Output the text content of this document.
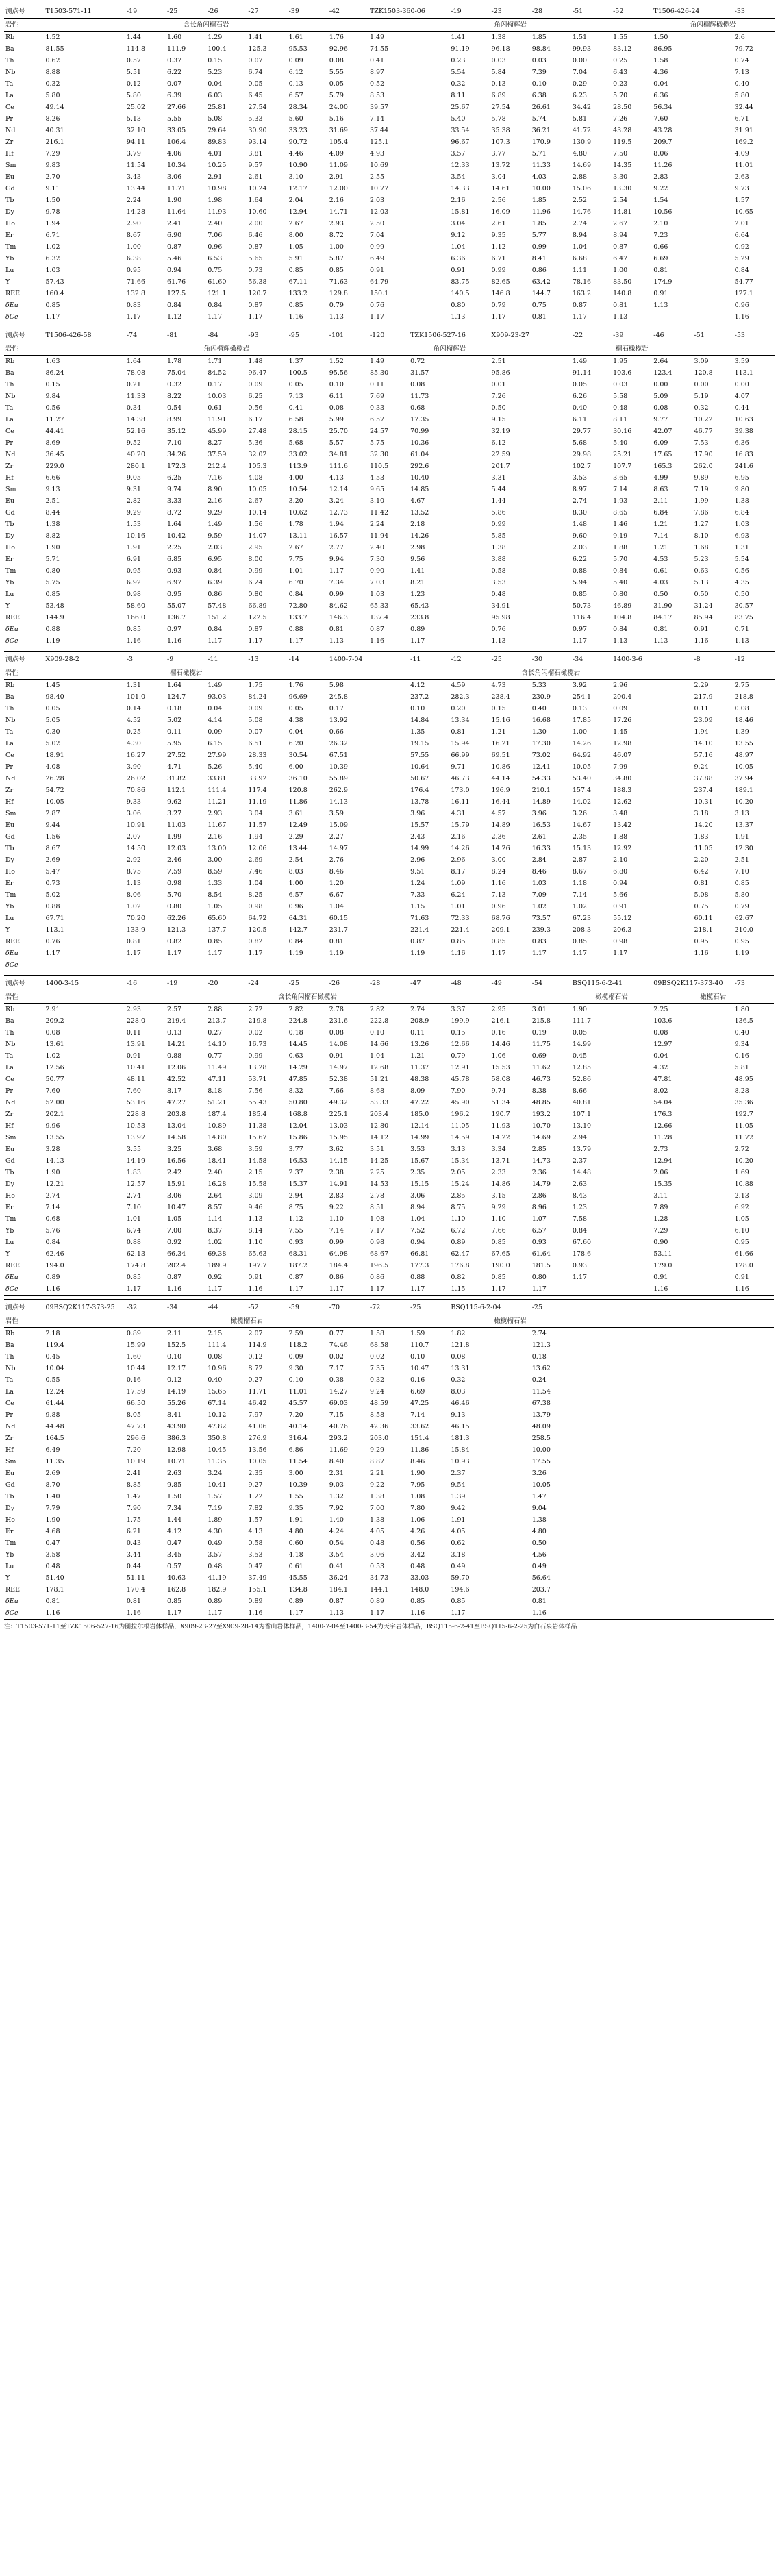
测点号	T1503-571-11	-19	-25	-26	-27	-39	-42	TZK1503-360-06	-19	-23	-28	-51	-52	T1506-426-24	-33	
岩性	含长角闪榴石岩							角闪榴辉岩						角闪榴辉橄榄岩		
Rb	1.52	1.44	1.60	1.29	1.41	1.61	1.76	1.49	1.41	1.38	1.85	1.51	1.55	1.50	2.6	
Ba	81.55	114.8	111.9	100.4	125.3	95.53	92.96	74.55	91.19	96.18	98.84	99.93	83.12	86.95	79.72	
Th	0.62	0.57	0.37	0.15	0.07	0.09	0.08	0.41	0.23	0.03	0.03	0.00	0.25	1.58	0.74	
Nb	8.88	5.51	6.22	5.23	6.74	6.12	5.55	8.97	5.54	5.84	7.39	7.04	6.43	4.36	7.13	
Ta	0.32	0.12	0.07	0.04	0.05	0.13	0.05	0.52	0.32	0.13	0.10	0.29	0.23	0.04	0.40	
La	5.80	5.80	6.39	6.03	6.45	6.57	5.79	8.53	8.11	6.89	6.38	6.23	5.70	6.36	5.80	
Ce	49.14	25.02	27.66	25.81	27.54	28.34	24.00	39.57	25.67	27.54	26.61	34.42	28.50	56.34	32.44	
Pr	8.26	5.13	5.55	5.08	5.33	5.60	5.16	7.14	5.40	5.78	5.74	5.81	7.26	7.60	6.71	
Nd	40.31	32.10	33.05	29.64	30.90	33.23	31.69	37.44	33.54	35.38	36.21	41.72	43.28	43.28	31.91	
Zr	216.1	94.11	106.4	89.83	93.14	90.72	105.4	125.1	96.67	107.3	170.9	130.9	119.5	209.7	169.2	
Hf	7.29	3.79	4.06	4.01	3.81	4.46	4.09	4.93	3.57	3.77	5.71	4.80	7.50	8.06	4.09	
Sm	9.83	11.54	10.34	10.25	9.57	10.90	11.09	10.69	12.33	13.72	11.33	14.69	14.35	11.26	11.01	
Eu	2.70	3.43	3.06	2.91	2.61	3.10	2.91	2.55	3.54	3.04	4.03	2.88	3.30	2.83	2.63	
Gd	9.11	13.44	11.71	10.98	10.24	12.17	12.00	10.77	14.33	14.61	10.00	15.06	13.30	9.22	9.73	
Tb	1.50	2.24	1.90	1.98	1.64	2.04	2.16	2.03	2.16	2.56	1.85	2.52	2.54	1.54	1.57	
Dy	9.78	14.28	11.64	11.93	10.60	12.94	14.71	12.03	15.81	16.09	11.96	14.76	14.81	10.56	10.65	
Ho	1.94	2.90	2.41	2.40	2.00	2.67	2.93	2.50	3.04	2.61	1.85	2.74	2.67	2.10	2.01	
Er	6.71	8.67	6.90	7.06	6.46	8.00	8.72	7.04	9.12	9.35	5.77	8.94	8.94	7.23	6.64	
Tm	1.02	1.00	0.87	0.96	0.87	1.05	1.00	0.99	1.04	1.12	0.99	1.04	0.87	0.66	0.92	
Yb	6.32	6.38	5.46	6.53	5.65	5.91	5.87	6.49	6.36	6.71	8.41	6.68	6.47	6.69	5.29	
Lu	1.03	0.95	0.94	0.75	0.73	0.85	0.85	0.91	0.91	0.99	0.86	1.11	1.00	0.81	0.84	
Y	57.43	71.66	61.76	61.60	56.38	67.11	71.63	64.79	83.75	82.65	63.42	78.16	83.50	174.9	54.77	
REE	160.4	132.8	127.5	121.1	120.7	133.2	129.8	150.1	140.5	146.8	144.7	163.2	140.8	0.91	127.1	
δEu	0.85	0.83	0.84	0.84	0.87	0.85	0.79	0.76	0.80	0.79	0.75	0.87	0.81	1.13	0.96	
δCe	1.17	1.17	1.12	1.17	1.17	1.16	1.13	1.17	1.13	1.17	0.81	1.17	1.13		1.16	
测点号	T1506-426-58	-74	-81	-84	-93	-95	-101	-120	TZK1506-527-16	X909-23-27	-22	-39	-46	-51	-53	
岩性	角闪榴辉橄榄岩								角闪榴辉岩	榴石橄榄岩						
Rb	1.63	1.64	1.78	1.71	1.48	1.37	1.52	1.49	0.72	2.51	1.49	1.95	2.64	3.09	3.59	
Ba	86.24	78.08	75.04	84.52	96.47	100.5	95.56	85.30	31.57	95.86	91.14	103.6	123.4	120.8	113.1	
Th	0.15	0.21	0.32	0.17	0.09	0.05	0.10	0.11	0.08	0.01	0.05	0.03	0.00	0.00	0.00	
Nb	9.84	11.33	8.22	10.03	6.25	7.13	6.11	7.69	11.73	7.26	6.26	5.58	5.09	5.19	4.07	
Ta	0.56	0.34	0.54	0.61	0.56	0.41	0.08	0.33	0.68	0.50	0.40	0.48	0.08	0.32	0.44	
La	11.27	14.38	8.99	11.91	6.17	6.58	5.99	6.57	17.35	9.15	6.11	8.11	9.77	10.22	10.63	
Ce	44.41	52.16	35.12	45.99	27.48	28.15	25.70	24.57	70.99	32.19	29.77	30.16	42.07	46.77	39.38	
Pr	8.69	9.52	7.10	8.27	5.36	5.68	5.57	5.75	10.36	6.12	5.68	5.40	6.09	7.53	6.36	
Nd	36.45	40.20	34.26	37.59	32.02	33.02	34.81	32.30	61.04	22.59	29.98	25.21	17.65	17.90	16.83	
Zr	229.0	280.1	172.3	212.4	105.3	113.9	111.6	110.5	292.6	201.7	102.7	107.7	165.3	262.0	241.6	
Hf	6.66	9.05	6.25	7.16	4.08	4.00	4.13	4.53	10.40	3.31	3.53	3.65	4.99	9.89	6.95	
Sm	9.13	9.31	9.74	8.90	10.05	10.54	12.14	9.65	14.85	5.44	8.97	7.14	8.63	7.19	9.80	
Eu	2.51	2.82	3.33	2.16	2.67	3.20	3.24	3.10	4.67	1.44	2.74	1.93	2.11	1.99	1.38	
Gd	8.44	9.29	8.72	9.29	10.14	10.62	12.73	11.42	13.52	5.86	8.30	8.65	6.84	7.86	6.84	
Tb	1.38	1.53	1.64	1.49	1.56	1.78	1.94	2.24	2.18	0.99	1.48	1.46	1.21	1.27	1.03	
Dy	8.82	10.16	10.42	9.59	14.07	13.11	16.57	11.94	14.26	5.85	9.60	9.19	7.14	8.10	6.93	
Ho	1.90	1.91	2.25	2.03	2.95	2.67	2.77	2.40	2.98	1.38	2.03	1.88	1.21	1.68	1.31	
Er	5.71	6.91	6.85	6.95	8.00	7.75	9.94	7.30	9.56	3.88	6.22	5.70	4.53	5.23	5.54	
Tm	0.80	0.95	0.93	0.84	0.99	1.01	1.17	0.90	1.41	0.58	0.88	0.84	0.61	0.63	0.56	
Yb	5.75	6.92	6.97	6.39	6.24	6.70	7.34	7.03	8.21	3.53	5.94	5.40	4.03	5.13	4.35	
Lu	0.85	0.98	0.95	0.86	0.80	0.84	0.99	1.03	1.23	0.48	0.85	0.80	0.50	0.50	0.50	
Y	53.48	58.60	55.07	57.48	66.89	72.80	84.62	65.33	65.43	34.91	50.73	46.89	31.90	31.24	30.57	
REE	144.9	166.0	136.7	151.2	122.5	133.7	146.3	137.4	233.8	95.98	116.4	104.8	84.17	85.94	83.75	
δEu	0.88	0.85	0.97	0.84	0.87	0.88	0.81	0.87	0.89	0.76	0.97	0.84	0.81	0.91	0.71	
δCe	1.19	1.16	1.16	1.17	1.17	1.17	1.13	1.16	1.17	1.13	1.17	1.13	1.13	1.16	1.13	
测点号	X909-28-2	-3	-9	-11	-13	-14	1400-7-04	-11	-12	-25	-30	-34	1400-3-6	-8	-12	
岩性	榴石橄榄岩						含长角闪榴石橄榄岩									
Rb	1.45	1.31	1.64	1.49	1.75	1.76	5.98	4.12	4.59	4.73	5.33	3.92	2.96	2.29	2.75	
Ba	98.40	101.0	124.7	93.03	84.24	96.69	245.8	237.2	282.3	238.4	230.9	254.1	200.4	217.9	218.8	
Th	0.05	0.14	0.18	0.04	0.09	0.05	0.17	0.10	0.20	0.15	0.40	0.13	0.09	0.11	0.08	
Nb	5.05	4.52	5.02	4.14	5.08	4.38	13.92	14.84	13.34	15.16	16.68	17.85	17.26	23.09	18.46	
Ta	0.30	0.25	0.11	0.09	0.07	0.04	0.66	1.35	0.81	1.21	1.30	1.00	1.45	1.94	1.39	
La	5.02	4.30	5.95	6.15	6.51	6.20	26.32	19.15	15.94	16.21	17.30	14.26	12.98	14.10	13.55	
Ce	18.91	16.27	27.52	27.99	28.33	30.54	67.51	57.55	66.99	69.51	73.02	64.92	46.07	57.16	48.97	
Pr	4.08	3.90	4.71	5.26	5.40	6.00	10.39	10.64	9.71	10.86	12.41	10.05	7.99	9.24	10.05	
Nd	26.28	26.02	31.82	33.81	33.92	36.10	55.89	50.67	46.73	44.14	54.33	53.40	34.80	37.88	37.94	
Zr	54.72	70.86	112.1	111.4	117.4	120.8	262.9	176.4	173.0	196.9	210.1	157.4	188.3	237.4	189.1	
Hf	10.05	9.33	9.62	11.21	11.19	11.86	14.13	13.78	16.11	16.44	14.89	14.02	12.62	10.31	10.20	
Sm	2.87	3.06	3.27	2.93	3.04	3.61	3.59	3.96	4.31	4.57	3.96	3.26	3.48	3.18	3.13	
Eu	9.44	10.91	11.03	11.67	11.57	12.49	15.09	15.57	15.79	14.89	16.53	14.67	13.42	14.20	13.37	
Gd	1.56	2.07	1.99	2.16	1.94	2.29	2.27	2.43	2.16	2.36	2.61	2.35	1.88	1.83	1.91	
Tb	8.67	14.50	12.03	13.00	12.06	13.44	14.97	14.99	14.26	14.26	16.33	15.13	12.92	11.05	12.30	
Dy	2.69	2.92	2.46	3.00	2.69	2.54	2.76	2.96	2.96	3.00	2.84	2.87	2.10	2.20	2.51	
Ho	5.47	8.75	7.59	8.59	7.46	8.03	8.46	9.51	8.17	8.24	8.46	8.67	6.80	6.42	7.10	
Er	0.73	1.13	0.98	1.33	1.04	1.00	1.20	1.24	1.09	1.16	1.03	1.18	0.94	0.81	0.85	
Tm	5.02	8.06	5.70	8.54	8.25	6.57	6.67	7.33	6.24	7.13	7.09	7.14	5.66	5.08	5.80	
Yb	0.88	1.02	0.80	1.05	0.98	0.96	1.04	1.15	1.01	0.96	1.02	1.02	0.91	0.75	0.79	
Lu	67.71	70.20	62.26	65.60	64.72	64.31	60.15	71.63	72.33	68.76	73.57	67.23	55.12	60.11	62.67	
Y	113.1	133.9	121.3	137.7	120.5	142.7	231.7	221.4	221.4	209.1	239.3	208.3	206.3	218.1	210.0	
REE	0.76	0.81	0.82	0.85	0.82	0.84	0.81	0.87	0.85	0.85	0.83	0.85	0.98	0.95	0.95	
δEu	1.17	1.17	1.17	1.17	1.17	1.19	1.19	1.19	1.16	1.17	1.17	1.17	1.17	1.16	1.19	
δCe																
测点号	1400-3-15	-16	-19	-20	-24	-25	-26	-28	-47	-48	-49	-54	BSQ115-6-2-41	09BSQ2K117-373-40	-73
岩性	含长角闪榴石橄榄岩												橄榄榴石岩	橄榄石岩	
Rb	2.91	2.93	2.57	2.88	2.72	2.82	2.78	2.82	2.74	3.37	2.95	3.01	1.90	2.25	1.80
Ba	209.2	228.0	219.4	213.7	219.8	224.8	231.6	222.8	208.9	199.9	216.1	215.8	111.7	103.6	136.5
Th	0.08	0.11	0.13	0.27	0.02	0.18	0.08	0.10	0.11	0.15	0.16	0.19	0.05	0.08	0.40
Nb	13.61	13.91	14.21	14.10	16.73	14.45	14.08	14.66	13.26	12.66	14.46	11.75	14.99	12.97	9.34
Ta	1.02	0.91	0.88	0.77	0.99	0.63	0.91	1.04	1.21	0.79	1.06	0.69	0.45	0.04	0.16
La	12.56	10.41	12.06	11.49	13.28	14.29	14.97	12.68	11.37	12.91	15.53	11.62	12.85	4.32	5.81
Ce	50.77	48.11	42.52	47.11	53.71	47.85	52.38	51.21	48.38	45.78	58.08	46.73	52.86	47.81	48.95
Pr	7.60	7.60	8.17	8.18	7.56	8.32	7.66	8.68	8.09	7.90	9.74	8.38	8.66	8.02	8.28
Nd	52.00	53.16	47.27	51.21	55.43	50.80	49.32	53.33	47.22	45.90	51.34	48.85	40.81	54.04	35.36
Zr	202.1	228.8	203.8	187.4	185.4	168.8	225.1	203.4	185.0	196.2	190.7	193.2	107.1	176.3	192.7
Hf	9.96	10.53	13.04	10.89	11.38	12.04	13.03	12.80	12.14	11.05	11.93	10.70	13.10	12.66	11.05
Sm	13.55	13.97	14.58	14.80	15.67	15.86	15.95	14.12	14.99	14.59	14.22	14.69	2.94	11.28	11.72
Eu	3.28	3.55	3.25	3.68	3.59	3.77	3.62	3.51	3.53	3.13	3.34	2.85	13.79	2.73	2.72
Gd	14.13	14.19	16.56	18.41	14.58	16.53	14.15	14.25	15.67	15.34	13.71	14.73	2.37	12.94	10.20
Tb	1.90	1.83	2.42	2.40	2.15	2.37	2.38	2.25	2.35	2.05	2.33	2.36	14.48	2.06	1.69
Dy	12.21	12.57	15.91	16.28	15.58	15.37	14.91	14.53	15.15	15.24	14.86	14.79	2.63	15.35	10.88
Ho	2.74	2.74	3.06	2.64	3.09	2.94	2.83	2.78	3.06	2.85	3.15	2.86	8.43	3.11	2.13
Er	7.14	7.10	10.47	8.57	9.46	8.75	9.22	8.51	8.94	8.75	9.29	8.96	1.23	7.89	6.92
Tm	0.68	1.01	1.05	1.14	1.13	1.12	1.10	1.08	1.04	1.10	1.10	1.07	7.58	1.28	1.05
Yb	5.76	6.74	7.00	8.37	8.14	7.55	7.14	7.17	7.52	6.72	7.66	6.57	0.84	7.29	6.10
Lu	0.84	0.88	0.92	1.02	1.10	0.93	0.99	0.98	0.94	0.89	0.85	0.93	67.60	0.90	0.95
Y	62.46	62.13	66.34	69.38	65.63	68.31	64.98	68.67	66.81	62.47	67.65	61.64	178.6	53.11	61.66
REE	194.0	174.8	202.4	189.9	197.7	187.2	184.4	196.5	177.3	176.8	190.0	181.5	0.93	179.0	128.0
δEu	0.89	0.85	0.87	0.92	0.91	0.87	0.86	0.86	0.88	0.82	0.85	0.80	1.17	0.91	0.91
δCe	1.16	1.17	1.16	1.17	1.16	1.17	1.17	1.17	1.17	1.15	1.17	1.17		1.16	1.16
测点号	09BSQ2K117-373-25	-32	-34	-44	-52	-59	-70	-72	-25	BSQ115-6-2-04	-25	
岩性	橄榄榴石岩									橄榄榴石岩		
Rb	2.18	0.89	2.11	2.15	2.07	2.59	0.77	1.58	1.59	1.82	2.74	
Ba	119.4	15.99	152.5	111.4	114.9	118.2	74.46	68.58	110.7	121.8	121.3	
Th	0.45	1.60	0.10	0.08	0.12	0.09	0.02	0.02	0.10	0.08	0.18	
Nb	10.04	10.44	12.17	10.96	8.72	9.30	7.17	7.35	10.47	13.31	13.62	
Ta	0.55	0.16	0.12	0.40	0.27	0.10	0.38	0.32	0.16	0.32	0.24	
La	12.24	17.59	14.19	15.65	11.71	11.01	14.27	9.24	6.69	8.03	11.54	
Ce	61.44	66.50	55.26	67.14	46.42	45.57	69.03	48.59	47.25	46.46	67.38	
Pr	9.88	8.05	8.41	10.12	7.97	7.20	7.15	8.58	7.14	9.13	13.79	
Nd	44.48	47.73	43.90	47.82	41.06	40.14	40.76	42.36	33.62	46.15	48.09	
Zr	164.5	296.6	386.3	350.8	276.9	316.4	293.2	203.0	151.4	181.3	258.5	
Hf	6.49	7.20	12.98	10.45	13.56	6.86	11.69	9.29	11.86	15.84	10.00	
Sm	11.35	10.19	10.71	11.35	10.05	11.54	8.40	8.87	8.46	10.93	17.55	
Eu	2.69	2.41	2.63	3.24	2.35	3.00	2.31	2.21	1.90	2.37	3.26	
Gd	8.70	8.85	9.85	10.41	9.27	10.39	9.03	9.22	7.95	9.54	10.05	
Tb	1.40	1.47	1.50	1.57	1.22	1.55	1.32	1.38	1.08	1.39	1.47	
Dy	7.79	7.90	7.34	7.19	7.82	9.35	7.92	7.00	7.80	9.42	9.04	
Ho	1.90	1.75	1.44	1.89	1.57	1.91	1.40	1.38	1.06	1.91	1.38	
Er	4.68	6.21	4.12	4.30	4.13	4.80	4.24	4.05	4.26	4.05	4.80	
Tm	0.47	0.43	0.47	0.49	0.58	0.60	0.54	0.48	0.56	0.62	0.50	
Yb	3.58	3.44	3.45	3.57	3.53	4.18	3.54	3.06	3.42	3.18	4.56	
Lu	0.48	0.44	0.57	0.48	0.47	0.61	0.41	0.53	0.48	0.49	0.49	
Y	51.40	51.11	40.63	41.19	37.49	45.55	36.24	34.73	33.03	59.70	56.64	
REE	178.1	170.4	162.8	182.9	155.1	134.8	184.1	144.1	148.0	194.6	203.7	
δEu	0.81	0.81	0.85	0.89	0.89	0.89	0.87	0.89	0.85	0.85	0.81	
δCe	1.16	1.16	1.17	1.17	1.16	1.17	1.13	1.17	1.16	1.17	1.16	
注：T1503-571-11至TZK1506-527-16为图拉尔根岩体样品，X909-23-27至X909-28-14为香山岩体样品，1400-7-04至1400-3-54为天宇岩体样品，BSQ115-6-2-41至BSQ115-6-2-25为白石泉岩体样品
